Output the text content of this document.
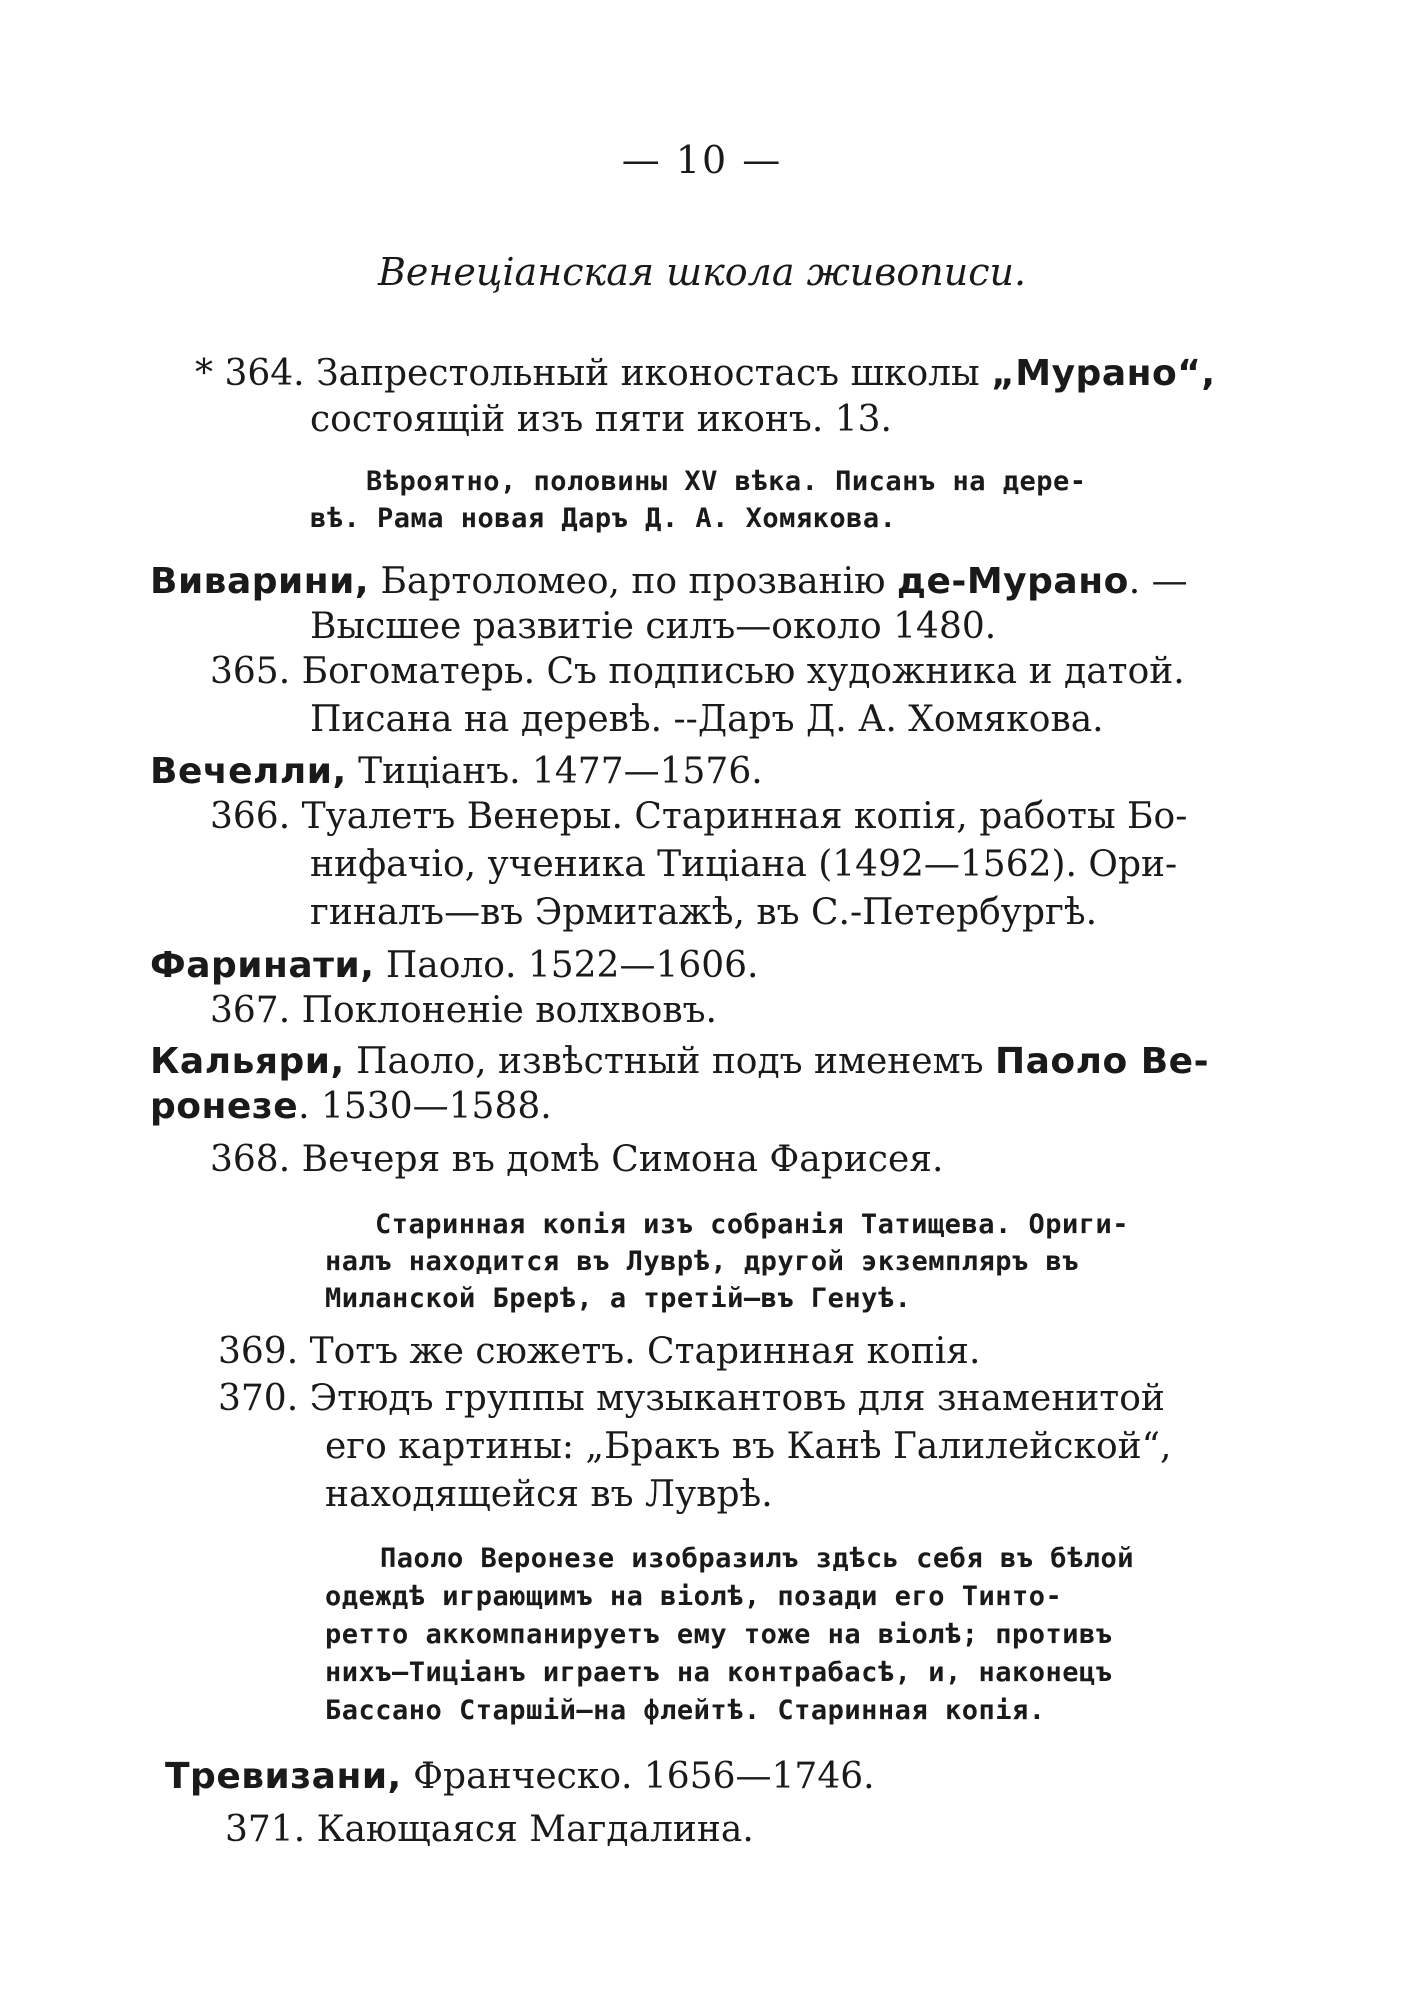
— 10 —
Венеціанская школа живописи.
* 364. Запрестольный иконостасъ школы „Мурано“,
состоящій изъ пяти иконъ. 13.
Вѣроятно, половины XV вѣка. Писанъ на дере-
вѣ. Рама новая Даръ Д. А. Хомякова.
Виварини, Бартоломео, по прозванію де-Мурано. —
Высшее развитіе силъ—около 1480.
365. Богоматерь. Съ подписью художника и датой.
Писана на деревѣ. --Даръ Д. А. Хомякова.
Вечелли, Тиціанъ. 1477—1576.
366. Туалетъ Венеры. Старинная копія, работы Бо-
нифачіо, ученика Тиціана (1492—1562). Ори-
гиналъ—въ Эрмитажѣ, въ С.-Петербургѣ.
Фаринати, Паоло. 1522—1606.
367. Поклоненіе волхвовъ.
Кальяри, Паоло, извѣстный подъ именемъ Паоло Ве-
ронезе. 1530—1588.
368. Вечеря въ домѣ Симона Фарисея.
Старинная копія изъ собранія Татищева. Ориги-
налъ находится въ Луврѣ, другой экземпляръ въ
Миланской Брерѣ, а третій—въ Генуѣ.
369. Тотъ же сюжетъ. Старинная копія.
370. Этюдъ группы музыкантовъ для знаменитой
его картины: „Бракъ въ Канѣ Галилейской“,
находящейся въ Луврѣ.
Паоло Веронезе изобразилъ здѣсь себя въ бѣлой
одеждѣ играющимъ на віолѣ, позади его Тинто-
ретто аккомпанируетъ ему тоже на віолѣ; противъ
нихъ—Тиціанъ играетъ на контрабасѣ, и, наконецъ
Бассано Старшій—на флейтѣ. Старинная копія.
Тревизани, Франческо. 1656—1746.
371. Кающаяся Магдалина.
